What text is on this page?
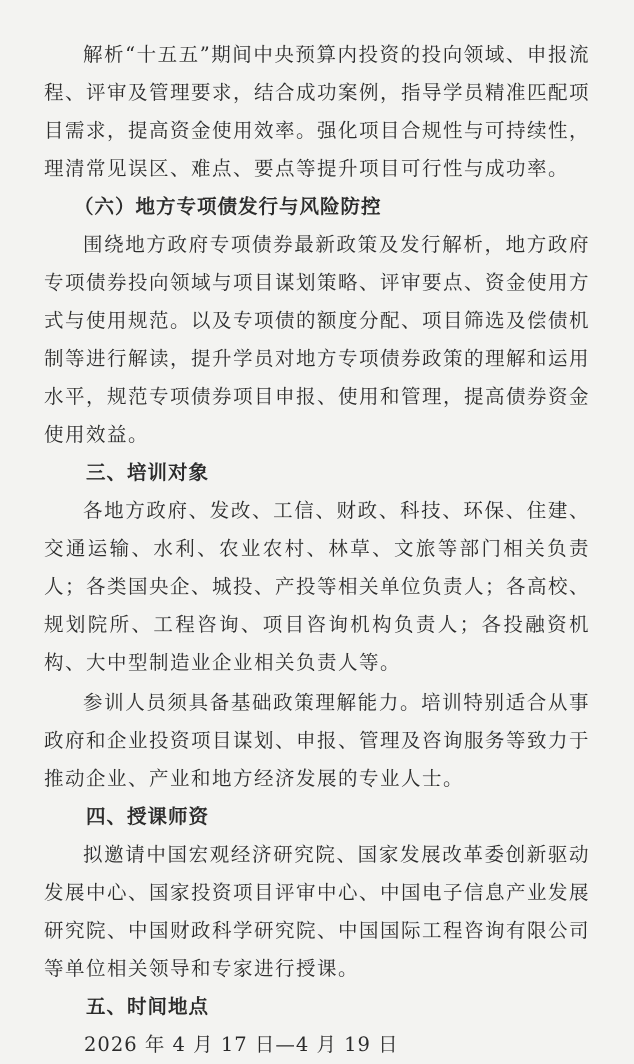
解析“十五五”期间中央预算内投资的投向领域、申报流程、评审及管理要求，结合成功案例，指导学员精准匹配项目需求，提高资金使用效率。强化项目合规性与可持续性，理清常见误区、难点、要点等提升项目可行性与成功率。

（六）地方专项债发行与风险防控

围绕地方政府专项债券最新政策及发行解析，地方政府专项债券投向领域与项目谋划策略、评审要点、资金使用方式与使用规范。以及专项债的额度分配、项目筛选及偿债机制等进行解读，提升学员对地方专项债券政策的理解和运用水平，规范专项债券项目申报、使用和管理，提高债券资金使用效益。

三、培训对象

各地方政府、发改、工信、财政、科技、环保、住建、交通运输、水利、农业农村、林草、文旅等部门相关负责人；各类国央企、城投、产投等相关单位负责人；各高校、规划院所、工程咨询、项目咨询机构负责人；各投融资机构、大中型制造业企业相关负责人等。

参训人员须具备基础政策理解能力。培训特别适合从事政府和企业投资项目谋划、申报、管理及咨询服务等致力于推动企业、产业和地方经济发展的专业人士。

四、授课师资

拟邀请中国宏观经济研究院、国家发展改革委创新驱动发展中心、国家投资项目评审中心、中国电子信息产业发展研究院、中国财政科学研究院、中国国际工程咨询有限公司等单位相关领导和专家进行授课。

五、时间地点

2026 年 4 月 17 日—4 月 19 日
